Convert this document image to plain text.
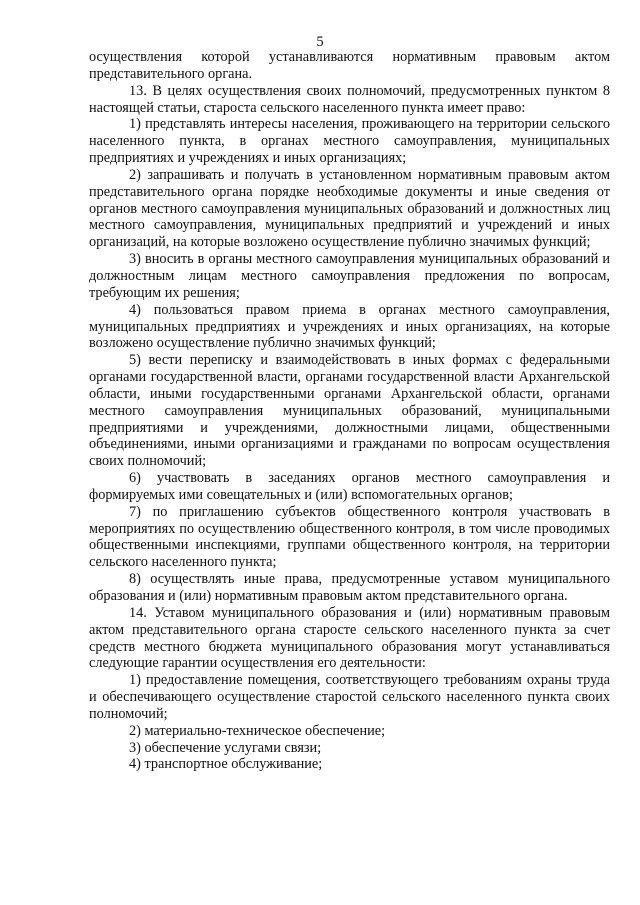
5

осуществления которой устанавливаются нормативным правовым актом представительного органа.

13. В целях осуществления своих полномочий, предусмотренных пунктом 8 настоящей статьи, староста сельского населенного пункта имеет право:

1) представлять интересы населения, проживающего на территории сельского населенного пункта, в органах местного самоуправления, муниципальных предприятиях и учреждениях и иных организациях;

2) запрашивать и получать в установленном нормативным правовым актом представительного органа порядке необходимые документы и иные сведения от органов местного самоуправления муниципальных образований и должностных лиц местного самоуправления, муниципальных предприятий и учреждений и иных организаций, на которые возложено осуществление публично значимых функций;

3) вносить в органы местного самоуправления муниципальных образований и должностным лицам местного самоуправления предложения по вопросам, требующим их решения;

4) пользоваться правом приема в органах местного самоуправления, муниципальных предприятиях и учреждениях и иных организациях, на которые возложено осуществление публично значимых функций;

5) вести переписку и взаимодействовать в иных формах с федеральными органами государственной власти, органами государственной власти Архангельской области, иными государственными органами Архангельской области, органами местного самоуправления муниципальных образований, муниципальными предприятиями и учреждениями, должностными лицами, общественными объединениями, иными организациями и гражданами по вопросам осуществления своих полномочий;

6) участвовать в заседаниях органов местного самоуправления и формируемых ими совещательных и (или) вспомогательных органов;

7) по приглашению субъектов общественного контроля участвовать в мероприятиях по осуществлению общественного контроля, в том числе проводимых общественными инспекциями, группами общественного контроля, на территории сельского населенного пункта;

8) осуществлять иные права, предусмотренные уставом муниципального образования и (или) нормативным правовым актом представительного органа.

14. Уставом муниципального образования и (или) нормативным правовым актом представительного органа старосте сельского населенного пункта за счет средств местного бюджета муниципального образования могут устанавливаться следующие гарантии осуществления его деятельности:

1) предоставление помещения, соответствующего требованиям охраны труда и обеспечивающего осуществление старостой сельского населенного пункта своих полномочий;

2) материально-техническое обеспечение;

3) обеспечение услугами связи;

4) транспортное обслуживание;
